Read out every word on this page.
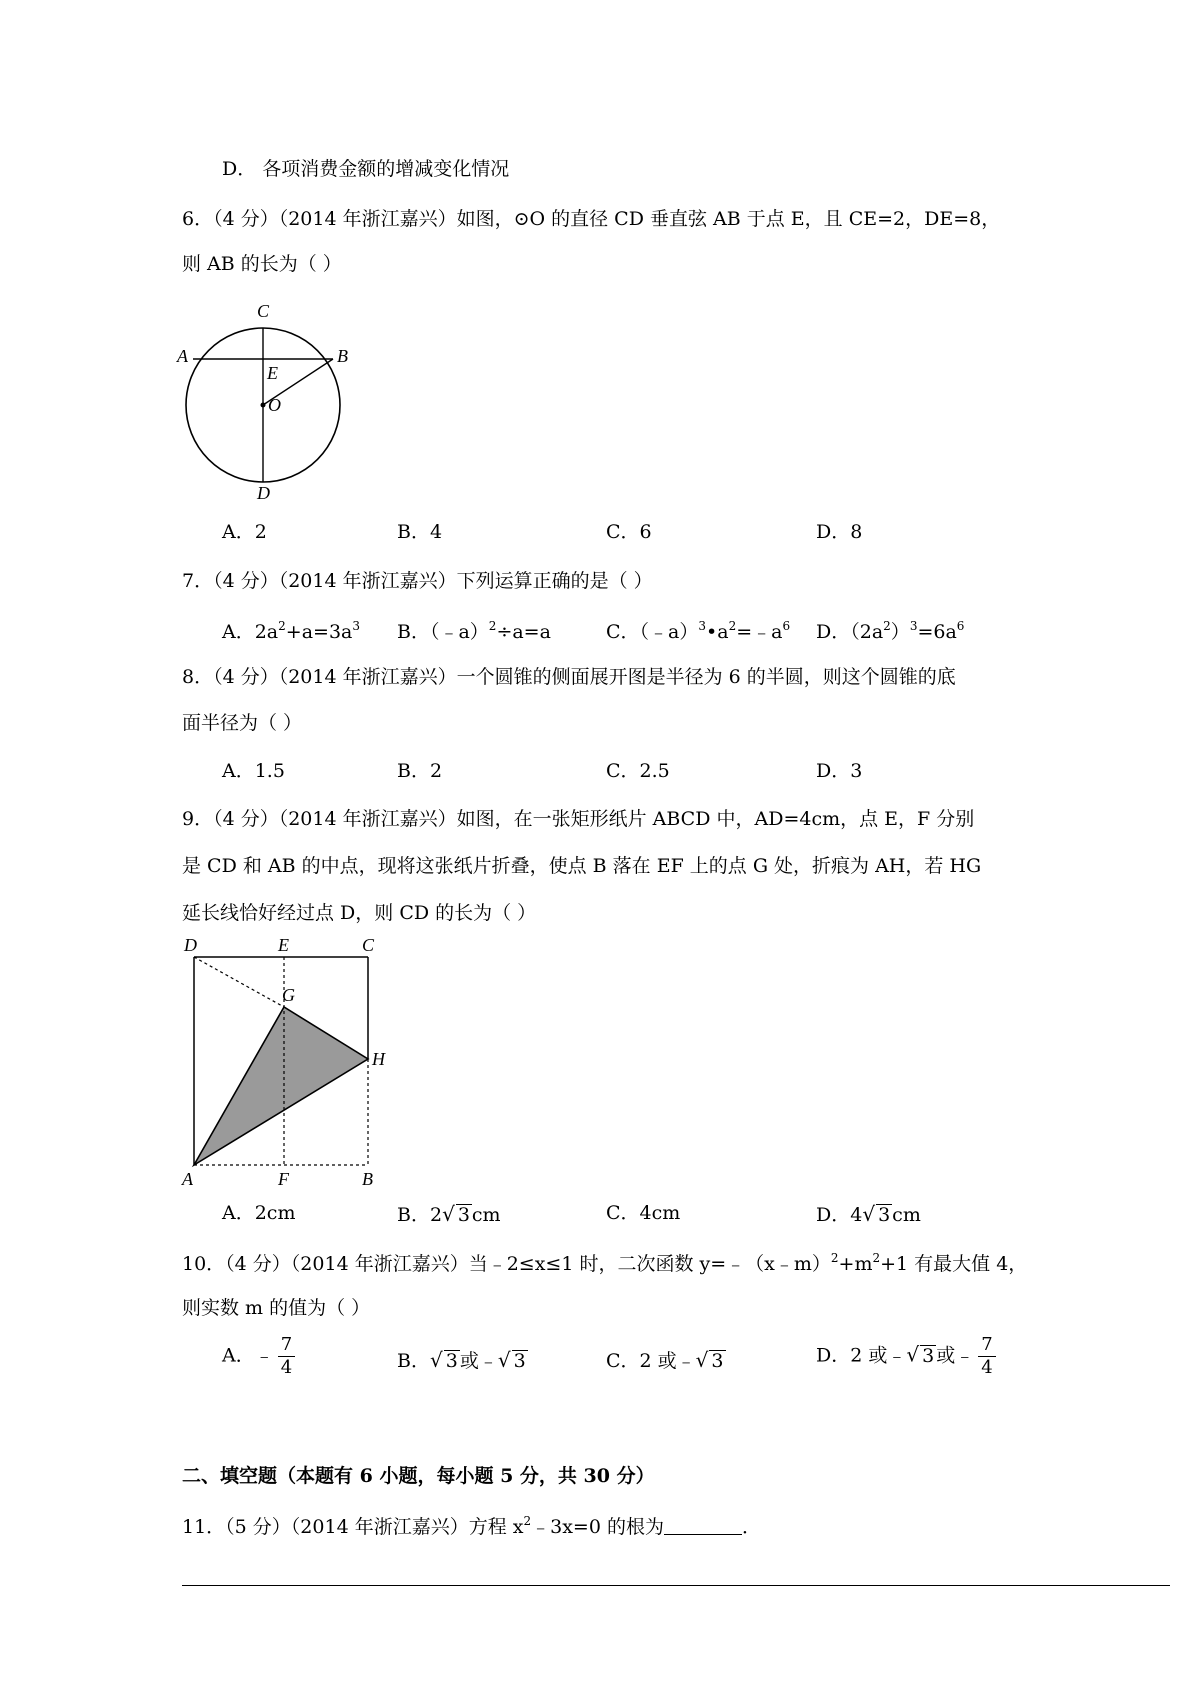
D． 各项消费金额的增减变化情况
6．（4 分）（2014 年浙江嘉兴）如图，⊙O 的直径 CD 垂直弦 AB 于点 E，且 CE=2，DE=8，
则 AB 的长为（ ）
C
A	B
E
O
D
A．2	B．4	C．6	D．8
7．（4 分）（2014 年浙江嘉兴）下列运算正确的是（ ）
A．$2a^2+a=3a^3$ B．（﹣a）$^2$÷a=a	C．$(﹣a)^3•a^2=﹣a^6$ D．$(2a^2)^3=6a^6$
8．（4 分）（2014 年浙江嘉兴）一个圆锥的侧面展开图是半径为 6 的半圆，则这个圆锥的底
面半径为（ ）
A．1.5	B．2	C．2.5	D．3
9．（4 分）（2014 年浙江嘉兴）如图，在一张矩形纸片 ABCD 中，AD=4cm，点 E，F 分别
是 CD 和 AB 的中点，现将这张纸片折叠，使点 B 落在 EF 上的点 G 处，折痕为 AH，若 HG
延长线恰好经过点 D，则 CD 的长为（ ）
D	E	C
G
H
A	F	B
A．2cm	B．2√ 3 cm	C．4cm	D．4√ 3 cm
10．（4 分）（2014 年浙江嘉兴）当﹣2≤x≤1 时，二次函数 $y=﹣(x﹣m)^2+m^2+1$ 有最大值 4，
则实数 m 的值为（ ）
A．﹣ $\frac{7}{4}$	B．√ 3 或﹣√ 3	C．2 或﹣√ 3	D．2 或﹣√ 3 或﹣ $\frac{7}{4}$
二、填空题（本题有 6 小题，每小题 5 分，共 30 分）
11．（5 分）（2014 年浙江嘉兴）方程 $x^2﹣3x=0$ 的根为	．
